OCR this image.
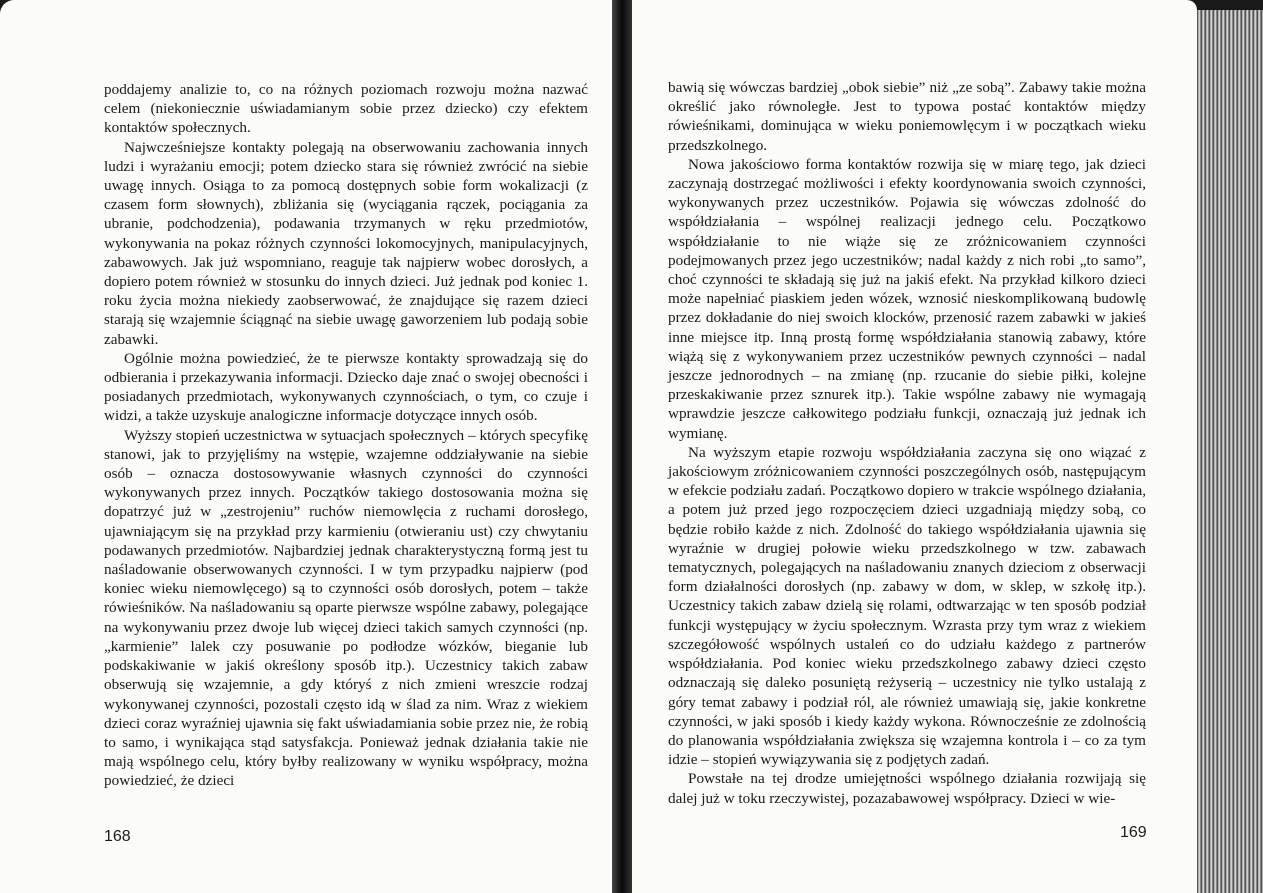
poddajemy analizie to, co na różnych poziomach rozwoju można nazwać celem (niekoniecznie uświadamianym sobie przez dziecko) czy efektem kontaktów społecznych.

Najwcześniejsze kontakty polegają na obserwowaniu zachowania innych ludzi i wyrażaniu emocji; potem dziecko stara się również zwrócić na siebie uwagę innych. Osiąga to za pomocą dostępnych sobie form wokalizacji (z czasem form słownych), zbliżania się (wyciągania rączek, pociągania za ubranie, podchodzenia), podawania trzymanych w ręku przedmiotów, wykonywania na pokaz różnych czynności lokomocyjnych, manipulacyjnych, zabawowych. Jak już wspomniano, reaguje tak najpierw wobec dorosłych, a dopiero potem również w stosunku do innych dzieci. Już jednak pod koniec 1. roku życia można niekiedy zaobserwować, że znajdujące się razem dzieci starają się wzajemnie ściągnąć na siebie uwagę gaworzeniem lub podają sobie zabawki.

Ogólnie można powiedzieć, że te pierwsze kontakty sprowadzają się do odbierania i przekazywania informacji. Dziecko daje znać o swojej obecności i posiadanych przedmiotach, wykonywanych czynnościach, o tym, co czuje i widzi, a także uzyskuje analogiczne informacje dotyczące innych osób.

Wyższy stopień uczestnictwa w sytuacjach społecznych – których specyfikę stanowi, jak to przyjęliśmy na wstępie, wzajemne oddziaływanie na siebie osób – oznacza dostosowywanie własnych czynności do czynności wykonywanych przez innych. Początków takiego dostosowania można się dopatrzyć już w „zestrojeniu” ruchów niemowlęcia z ruchami dorosłego, ujawniającym się na przykład przy karmieniu (otwieraniu ust) czy chwytaniu podawanych przedmiotów. Najbardziej jednak charakterystyczną formą jest tu naśladowanie obserwowanych czynności. I w tym przypadku najpierw (pod koniec wieku niemowlęcego) są to czynności osób dorosłych, potem – także rówieśników. Na naśladowaniu są oparte pierwsze wspólne zabawy, polegające na wykonywaniu przez dwoje lub więcej dzieci takich samych czynności (np. „karmienie” lalek czy posuwanie po podłodze wózków, bieganie lub podskakiwanie w jakiś określony sposób itp.). Uczestnicy takich zabaw obserwują się wzajemnie, a gdy któryś z nich zmieni wreszcie rodzaj wykonywanej czynności, pozostali często idą w ślad za nim. Wraz z wiekiem dzieci coraz wyraźniej ujawnia się fakt uświadamiania sobie przez nie, że robią to samo, i wynikająca stąd satysfakcja. Ponieważ jednak działania takie nie mają wspólnego celu, który byłby realizowany w wyniku współpracy, można powiedzieć, że dzieci

168

bawią się wówczas bardziej „obok siebie” niż „ze sobą”. Zabawy takie można określić jako równoległe. Jest to typowa postać kontaktów między rówieśnikami, dominująca w wieku poniemowlęcym i w początkach wieku przedszkolnego.

Nowa jakościowo forma kontaktów rozwija się w miarę tego, jak dzieci zaczynają dostrzegać możliwości i efekty koordynowania swoich czynności, wykonywanych przez uczestników. Pojawia się wówczas zdolność do współdziałania – wspólnej realizacji jednego celu. Początkowo współdziałanie to nie wiąże się ze zróżnicowaniem czynności podejmowanych przez jego uczestników; nadal każdy z nich robi „to samo”, choć czynności te składają się już na jakiś efekt. Na przykład kilkoro dzieci może napełniać piaskiem jeden wózek, wznosić nieskomplikowaną budowlę przez dokładanie do niej swoich klocków, przenosić razem zabawki w jakieś inne miejsce itp. Inną prostą formę współdziałania stanowią zabawy, które wiążą się z wykonywaniem przez uczestników pewnych czynności – nadal jeszcze jednorodnych – na zmianę (np. rzucanie do siebie piłki, kolejne przeskakiwanie przez sznurek itp.). Takie wspólne zabawy nie wymagają wprawdzie jeszcze całkowitego podziału funkcji, oznaczają już jednak ich wymianę.

Na wyższym etapie rozwoju współdziałania zaczyna się ono wiązać z jakościowym zróżnicowaniem czynności poszczególnych osób, następującym w efekcie podziału zadań. Początkowo dopiero w trakcie wspólnego działania, a potem już przed jego rozpoczęciem dzieci uzgadniają między sobą, co będzie robiło każde z nich. Zdolność do takiego współdziałania ujawnia się wyraźnie w drugiej połowie wieku przedszkolnego w tzw. zabawach tematycznych, polegających na naśladowaniu znanych dzieciom z obserwacji form działalności dorosłych (np. zabawy w dom, w sklep, w szkołę itp.). Uczestnicy takich zabaw dzielą się rolami, odtwarzając w ten sposób podział funkcji występujący w życiu społecznym. Wzrasta przy tym wraz z wiekiem szczegółowość wspólnych ustaleń co do udziału każdego z partnerów współdziałania. Pod koniec wieku przedszkolnego zabawy dzieci często odznaczają się daleko posuniętą reżyserią – uczestnicy nie tylko ustalają z góry temat zabawy i podział ról, ale również umawiają się, jakie konkretne czynności, w jaki sposób i kiedy każdy wykona. Równocześnie ze zdolnością do planowania współdziałania zwiększa się wzajemna kontrola i – co za tym idzie – stopień wywiązywania się z podjętych zadań.

Powstałe na tej drodze umiejętności wspólnego działania rozwijają się dalej już w toku rzeczywistej, pozazabawowej współpracy. Dzieci w wie-

169
